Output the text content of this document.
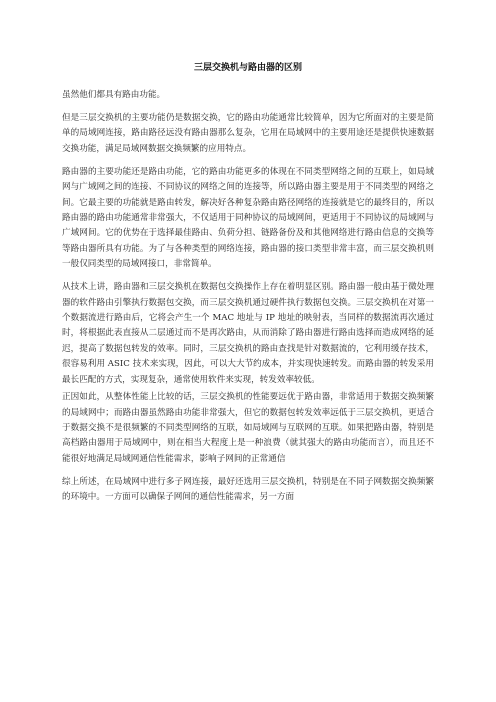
三层交换机与路由器的区别

虽然他们都具有路由功能。

但是三层交换机的主要功能仍是数据交换，它的路由功能通常比较简单，因为它所面对的主要是简单的局域网连接，路由路径远没有路由器那么复杂，它用在局域网中的主要用途还是提供快速数据交换功能，满足局域网数据交换频繁的应用特点。

路由器的主要功能还是路由功能，它的路由功能更多的体现在不同类型网络之间的互联上，如局域网与广域网之间的连接、不同协议的网络之间的连接等，所以路由器主要是用于不同类型的网络之间。它最主要的功能就是路由转发，解决好各种复杂路由路径网络的连接就是它的最终目的，所以路由器的路由功能通常非常强大，不仅适用于同种协议的局域网间，更适用于不同协议的局域网与广域网间。它的优势在于选择最佳路由、负荷分担、链路备份及和其他网络进行路由信息的交换等等路由器所具有功能。为了与各种类型的网络连接，路由器的接口类型非常丰富，而三层交换机则一般仅同类型的局域网接口，非常简单。

从技术上讲，路由器和三层交换机在数据包交换操作上存在着明显区别。路由器一般由基于微处理器的软件路由引擎执行数据包交换，而三层交换机通过硬件执行数据包交换。三层交换机在对第一个数据流进行路由后，它将会产生一个 MAC 地址与 IP 地址的映射表，当同样的数据流再次通过时，将根据此表直接从二层通过而不是再次路由，从而消除了路由器进行路由选择而造成网络的延迟，提高了数据包转发的效率。同时，三层交换机的路由查找是针对数据流的，它利用缓存技术，很容易利用 ASIC 技术来实现，因此，可以大大节约成本，并实现快速转发。而路由器的转发采用最长匹配的方式，实现复杂，通常使用软件来实现，转发效率较低。

正因如此，从整体性能上比较的话，三层交换机的性能要远优于路由器，非常适用于数据交换频繁的局域网中；而路由器虽然路由功能非常强大，但它的数据包转发效率远低于三层交换机，更适合于数据交换不是很频繁的不同类型网络的互联，如局域网与互联网的互联。如果把路由器，特别是高档路由器用于局域网中，则在相当大程度上是一种浪费（就其强大的路由功能而言），而且还不能很好地满足局域网通信性能需求，影响子网间的正常通信

综上所述，在局域网中进行多子网连接，最好还选用三层交换机，特别是在不同子网数据交换频繁的环境中。一方面可以确保子网间的通信性能需求，另一方面
